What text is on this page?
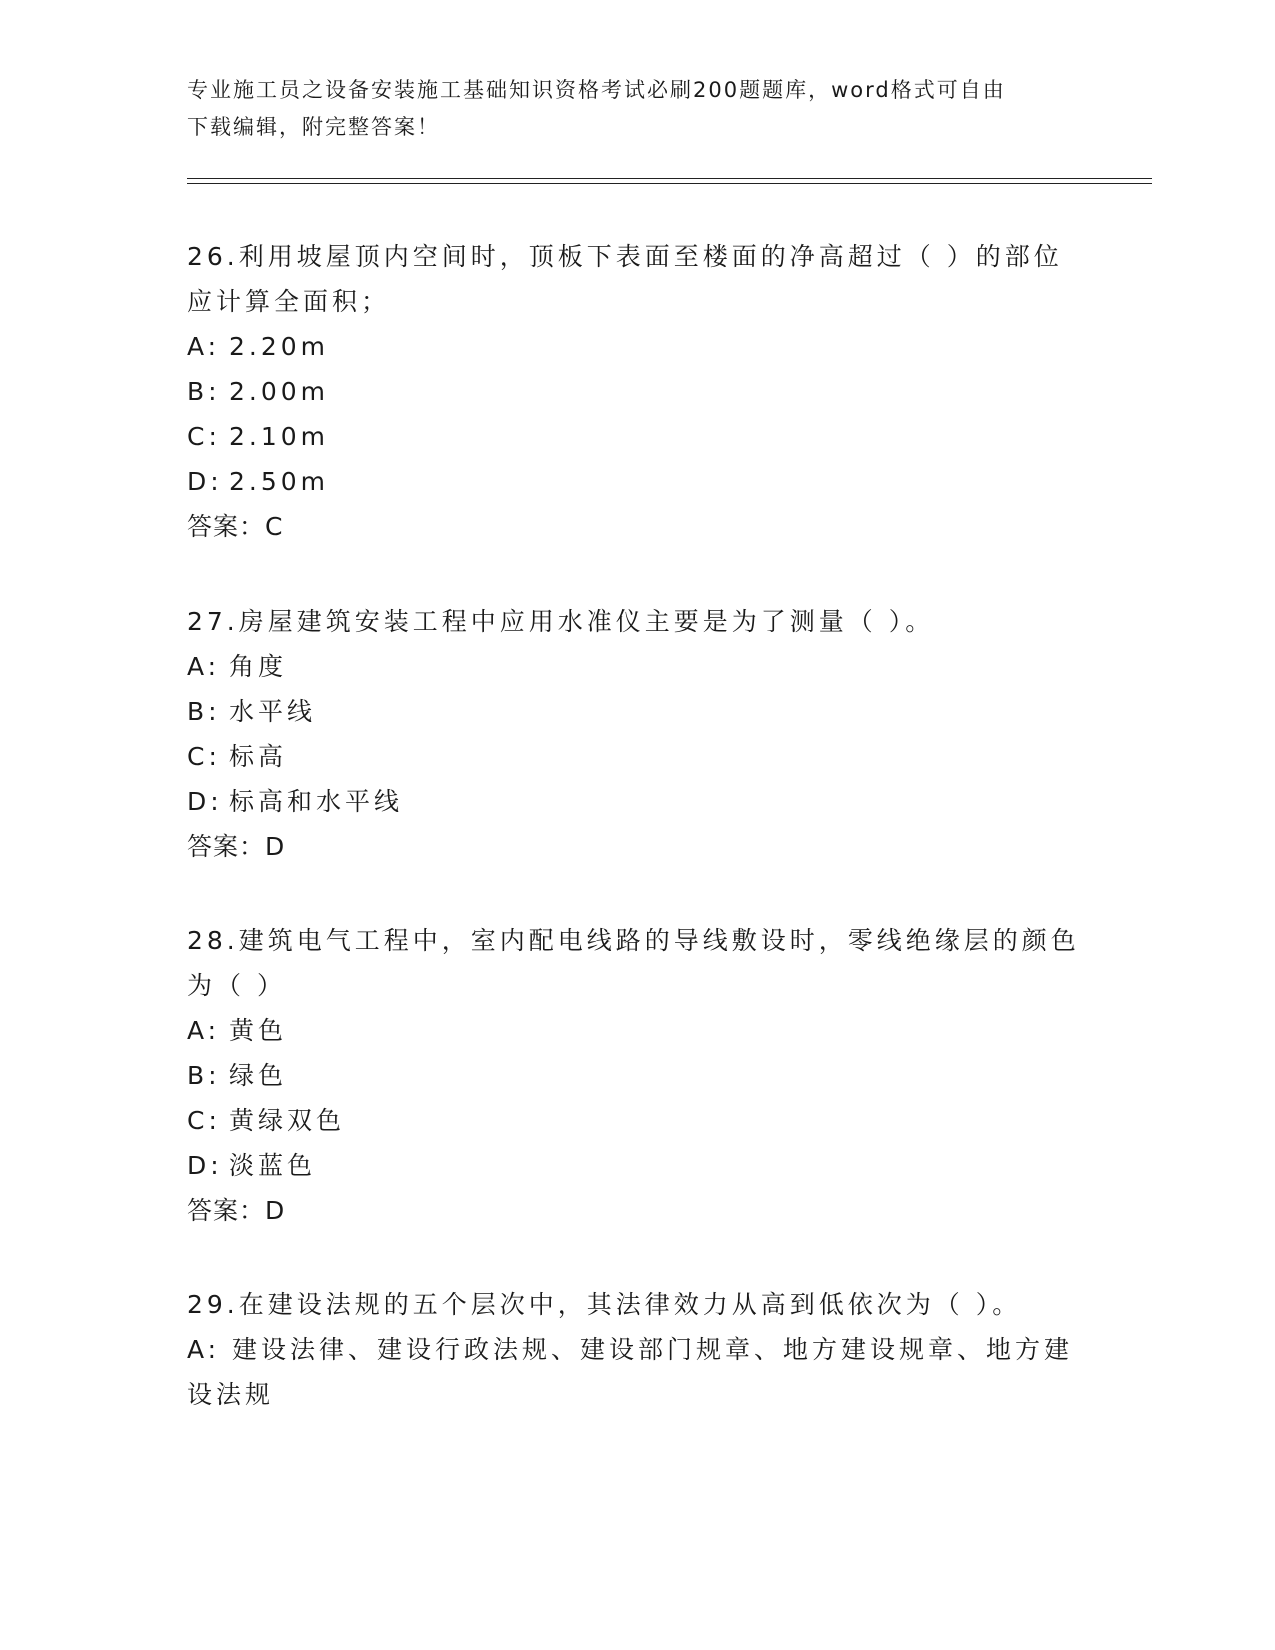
专业施工员之设备安装施工基础知识资格考试必刷200题题库，word格式可自由
下载编辑，附完整答案！
26.利用坡屋顶内空间时，顶板下表面至楼面的净高超过（ ）的部位
应计算全面积；
A: 2.20m
B: 2.00m
C: 2.10m
D: 2.50m
答案：C
27.房屋建筑安装工程中应用水准仪主要是为了测量（ ）。
A: 角度
B: 水平线
C: 标高
D: 标高和水平线
答案：D
28.建筑电气工程中，室内配电线路的导线敷设时，零线绝缘层的颜色
为（ ）
A: 黄色
B: 绿色
C: 黄绿双色
D: 淡蓝色
答案：D
29.在建设法规的五个层次中，其法律效力从高到低依次为（ ）。
A: 建设法律、建设行政法规、建设部门规章、地方建设规章、地方建
设法规
